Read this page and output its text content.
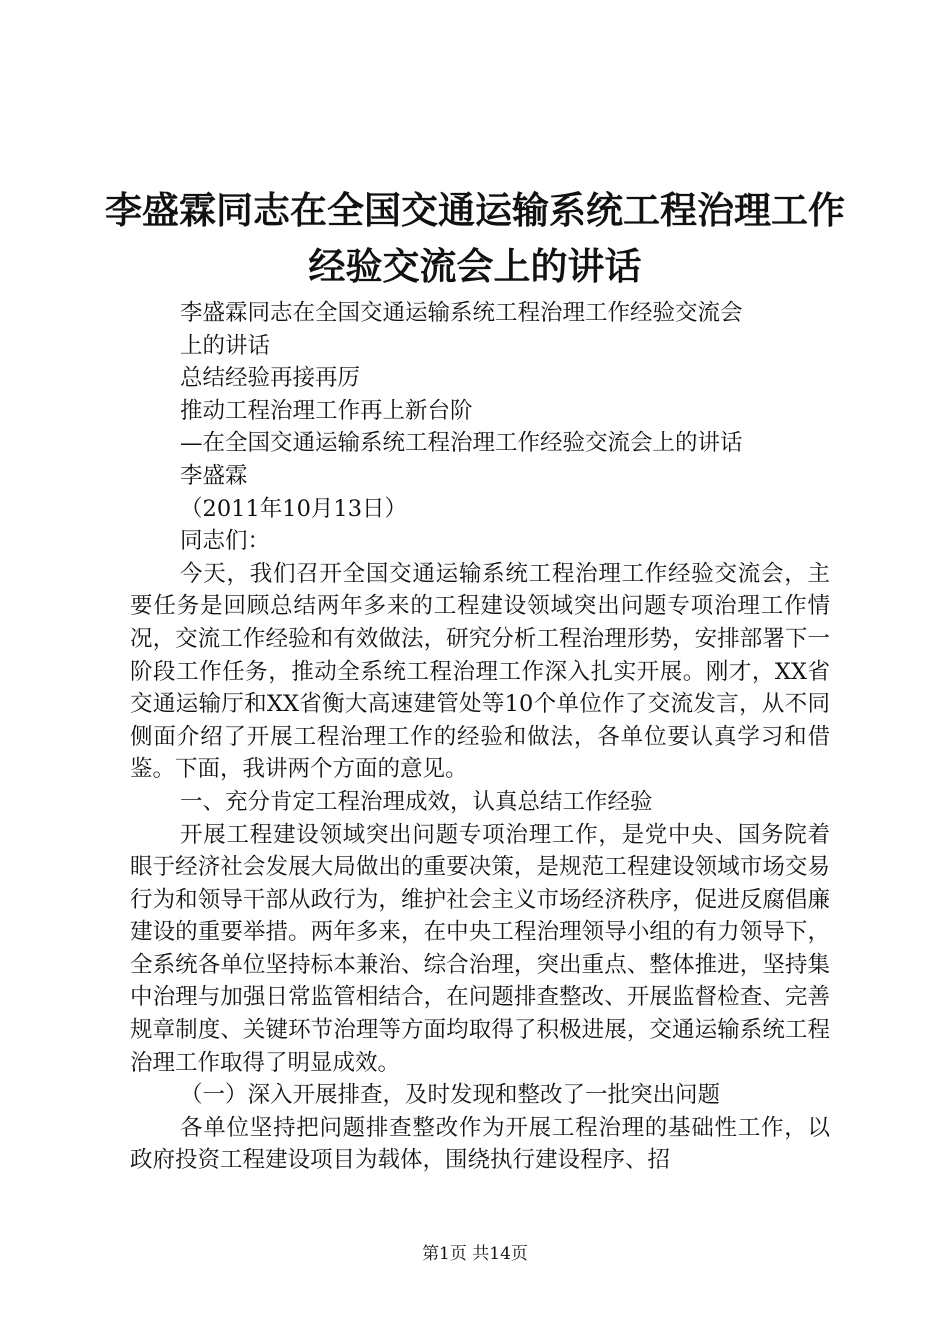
李盛霖同志在全国交通运输系统工程治理工作
经验交流会上的讲话

李盛霖同志在全国交通运输系统工程治理工作经验交流会

上的讲话

总结经验再接再厉

推动工程治理工作再上新台阶

—在全国交通运输系统工程治理工作经验交流会上的讲话

李盛霖

（2011年10月13日）

同志们：

今天，我们召开全国交通运输系统工程治理工作经验交流会，主要任务是回顾总结两年多来的工程建设领域突出问题专项治理工作情况，交流工作经验和有效做法，研究分析工程治理形势，安排部署下一阶段工作任务，推动全系统工程治理工作深入扎实开展。刚才，XX省交通运输厅和XX省衡大高速建管处等10个单位作了交流发言，从不同侧面介绍了开展工程治理工作的经验和做法，各单位要认真学习和借鉴。下面，我讲两个方面的意见。

一、充分肯定工程治理成效，认真总结工作经验

开展工程建设领域突出问题专项治理工作，是党中央、国务院着眼于经济社会发展大局做出的重要决策，是规范工程建设领域市场交易行为和领导干部从政行为，维护社会主义市场经济秩序，促进反腐倡廉建设的重要举措。两年多来，在中央工程治理领导小组的有力领导下，全系统各单位坚持标本兼治、综合治理，突出重点、整体推进，坚持集中治理与加强日常监管相结合，在问题排查整改、开展监督检查、完善规章制度、关键环节治理等方面均取得了积极进展，交通运输系统工程治理工作取得了明显成效。

（一）深入开展排查，及时发现和整改了一批突出问题

各单位坚持把问题排查整改作为开展工程治理的基础性工作，以政府投资工程建设项目为载体，围绕执行建设程序、招

第1页 共14页
